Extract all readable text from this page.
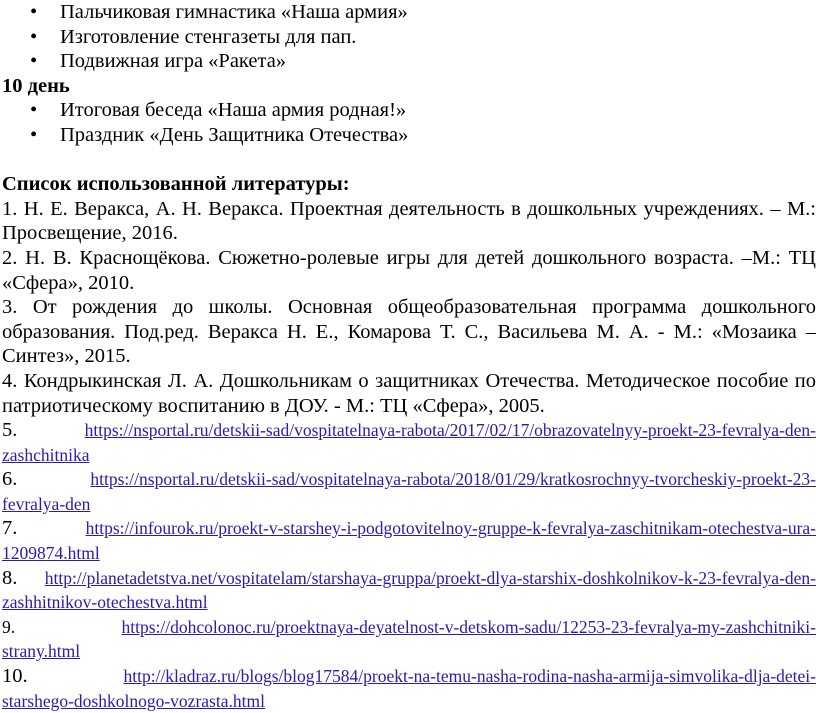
• Пальчиковая гимнастика «Наша армия»
• Изготовление стенгазеты для пап.
• Подвижная игра «Ракета»

10 день

• Итоговая беседа «Наша армия родная!»
• Праздник «День Защитника Отечества»

Список использованной литературы:

1. Н. Е. Веракса, А. Н. Веракса. Проектная деятельность в дошкольных учреждениях. – М.: Просвещение, 2016.

2. Н. В. Краснощёкова. Сюжетно-ролевые игры для детей дошкольного возраста. –М.: ТЦ «Сфера», 2010.

3. От рождения до школы. Основная общеобразовательная программа дошкольного образования. Под.ред. Веракса Н. Е., Комарова Т. С., Васильева М. А. - М.: «Мозаика – Синтез», 2015.

4. Кондрыкинская Л. А. Дошкольникам о защитниках Отечества. Методическое пособие по патриотическому воспитанию в ДОУ. - М.: ТЦ «Сфера», 2005.

5.	https://nsportal.ru/detskii-sad/vospitatelnaya-rabota/2017/02/17/obrazovatelnyy-proekt-23-fevralya-den-zashchitnika

6.	https://nsportal.ru/detskii-sad/vospitatelnaya-rabota/2018/01/29/kratkosrochnyy-tvorcheskiy-proekt-23-fevralya-den

7.	https://infourok.ru/proekt-v-starshey-i-podgotovitelnoy-gruppe-k-fevralya-zaschitnikam-otechestva-ura-1209874.html

8. http://planetadetstva.net/vospitatelam/starshaya-gruppa/proekt-dlya-starshix-doshkolnikov-k-23-fevralya-den-zashhitnikov-otechestva.html

9.	https://dohcolonoc.ru/proektnaya-deyatelnost-v-detskom-sadu/12253-23-fevralya-my-zashchitniki-strany.html

10.	http://kladraz.ru/blogs/blog17584/proekt-na-temu-nasha-rodina-nasha-armija-simvolika-dlja-detei-starshego-doshkolnogo-vozrasta.html
